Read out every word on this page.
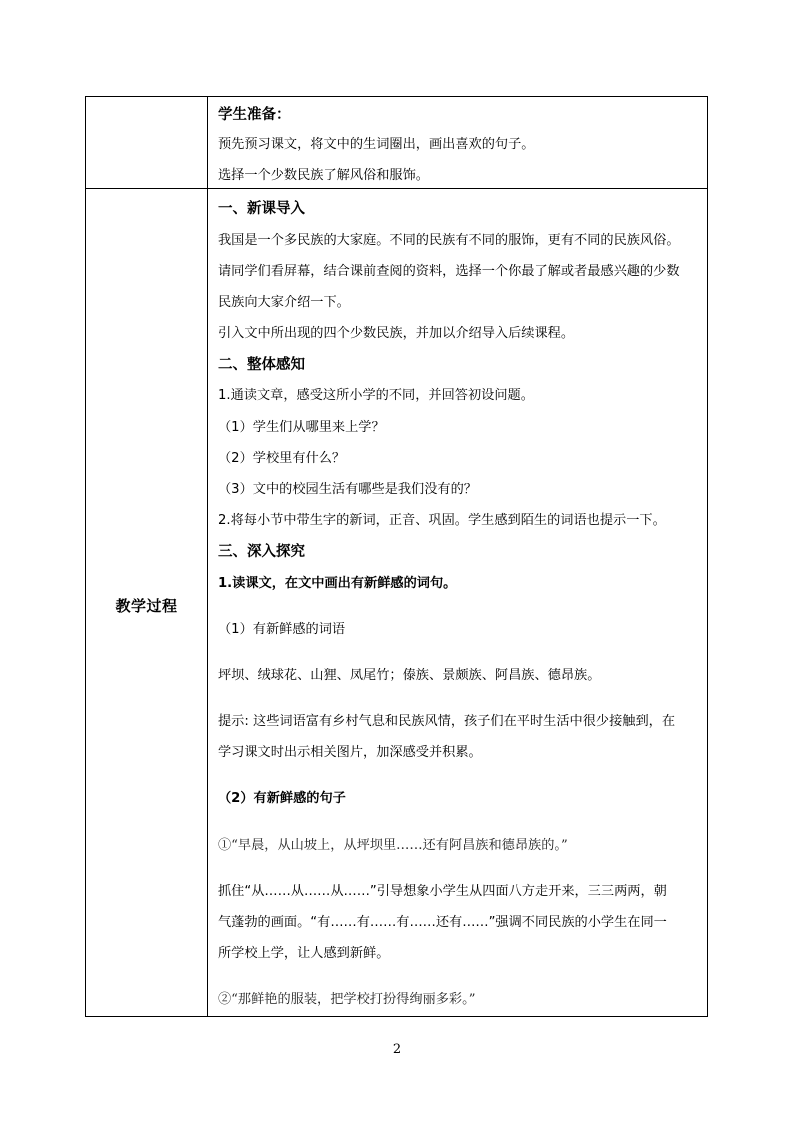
教学过程
学生准备：
预先预习课文，将文中的生词圈出，画出喜欢的句子。
选择一个少数民族了解风俗和服饰。
一、新课导入
我国是一个多民族的大家庭。不同的民族有不同的服饰，更有不同的民族风俗。
请同学们看屏幕，结合课前查阅的资料，选择一个你最了解或者最感兴趣的少数
民族向大家介绍一下。
引入文中所出现的四个少数民族，并加以介绍导入后续课程。
二、整体感知
1.通读文章，感受这所小学的不同，并回答初设问题。
（1）学生们从哪里来上学？
（2）学校里有什么？
（3）文中的校园生活有哪些是我们没有的？
2.将每小节中带生字的新词，正音、巩固。学生感到陌生的词语也提示一下。
三、深入探究
1.读课文，在文中画出有新鲜感的词句。
（1）有新鲜感的词语
坪坝、绒球花、山狸、凤尾竹；傣族、景颇族、阿昌族、德昂族。
提示: 这些词语富有乡村气息和民族风情，孩子们在平时生活中很少接触到，在
学习课文时出示相关图片，加深感受并积累。
（2）有新鲜感的句子
①“早晨，从山坡上，从坪坝里……还有阿昌族和德昂族的。”
抓住“从……从……从……”引导想象小学生从四面八方走开来，三三两两，朝
气蓬勃的画面。“有……有……有……还有……”强调不同民族的小学生在同一
所学校上学，让人感到新鲜。
②“那鲜艳的服装，把学校打扮得绚丽多彩。”
2
